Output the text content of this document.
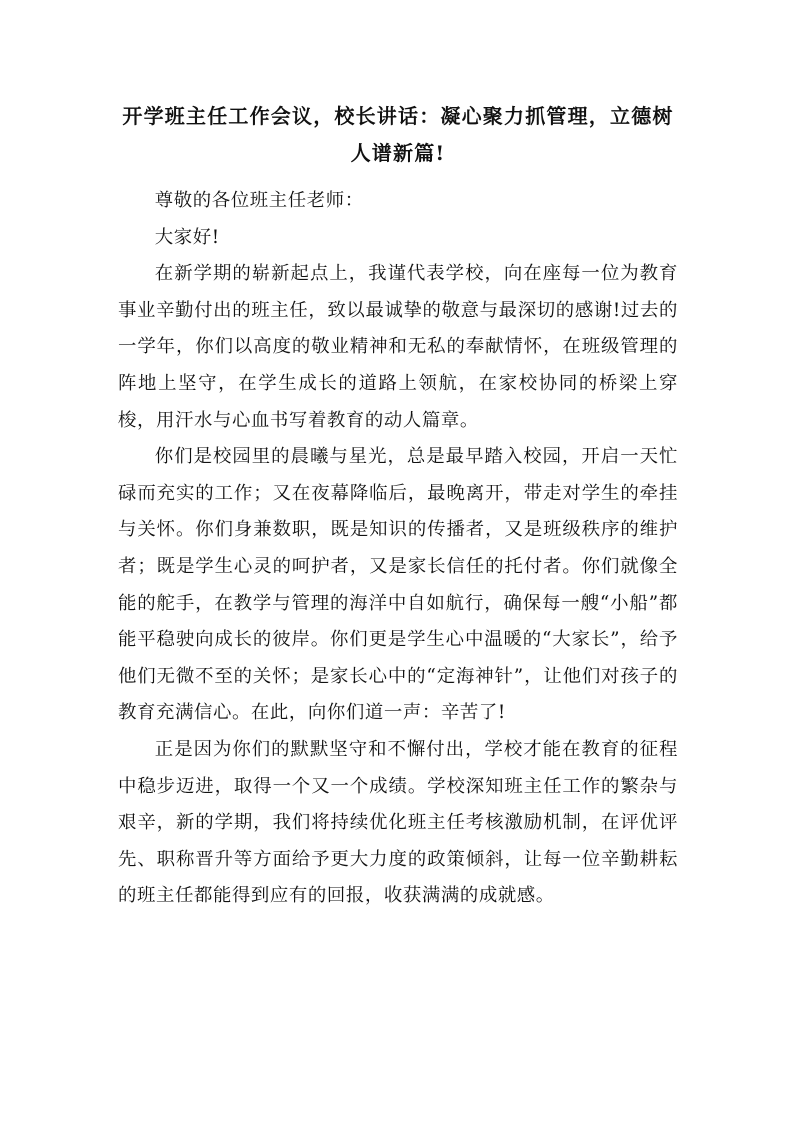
开学班主任工作会议，校长讲话：凝心聚力抓管理，立德树人谱新篇!

尊敬的各位班主任老师：

大家好!

在新学期的崭新起点上，我谨代表学校，向在座每一位为教育事业辛勤付出的班主任，致以最诚挚的敬意与最深切的感谢!过去的一学年，你们以高度的敬业精神和无私的奉献情怀，在班级管理的阵地上坚守，在学生成长的道路上领航，在家校协同的桥梁上穿梭，用汗水与心血书写着教育的动人篇章。

你们是校园里的晨曦与星光，总是最早踏入校园，开启一天忙碌而充实的工作；又在夜幕降临后，最晚离开，带走对学生的牵挂与关怀。你们身兼数职，既是知识的传播者，又是班级秩序的维护者；既是学生心灵的呵护者，又是家长信任的托付者。你们就像全能的舵手，在教学与管理的海洋中自如航行，确保每一艘“小船”都能平稳驶向成长的彼岸。你们更是学生心中温暖的“大家长”，给予他们无微不至的关怀；是家长心中的“定海神针”，让他们对孩子的教育充满信心。在此，向你们道一声：辛苦了!

正是因为你们的默默坚守和不懈付出，学校才能在教育的征程中稳步迈进，取得一个又一个成绩。学校深知班主任工作的繁杂与艰辛，新的学期，我们将持续优化班主任考核激励机制，在评优评先、职称晋升等方面给予更大力度的政策倾斜，让每一位辛勤耕耘的班主任都能得到应有的回报，收获满满的成就感。
